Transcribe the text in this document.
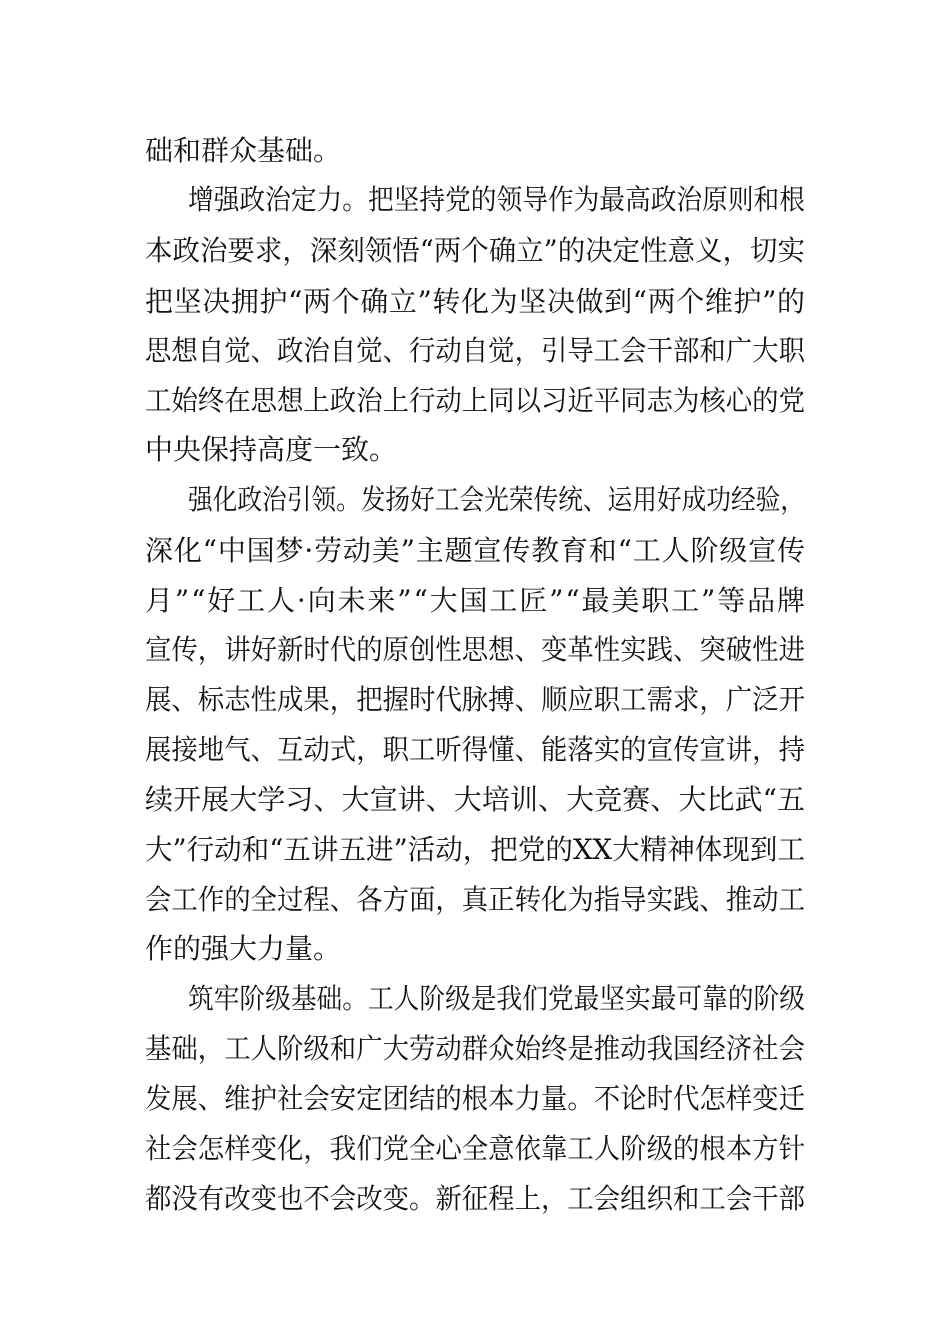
础和群众基础。
增强政治定力。把坚持党的领导作为最高政治原则和根
本政治要求，深刻领悟“两个确立”的决定性意义，切实
把坚决拥护“两个确立”转化为坚决做到“两个维护”的
思想自觉、政治自觉、行动自觉，引导工会干部和广大职
工始终在思想上政治上行动上同以习近平同志为核心的党
中央保持高度一致。
强化政治引领。发扬好工会光荣传统、运用好成功经验，
深化“中国梦·劳动美”主题宣传教育和“工人阶级宣传
月”“好工人·向未来”“大国工匠”“最美职工”等品牌
宣传，讲好新时代的原创性思想、变革性实践、突破性进
展、标志性成果，把握时代脉搏、顺应职工需求，广泛开
展接地气、互动式，职工听得懂、能落实的宣传宣讲，持
续开展大学习、大宣讲、大培训、大竞赛、大比武“五
大”行动和“五讲五进”活动，把党的XX大精神体现到工
会工作的全过程、各方面，真正转化为指导实践、推动工
作的强大力量。
筑牢阶级基础。工人阶级是我们党最坚实最可靠的阶级
基础，工人阶级和广大劳动群众始终是推动我国经济社会
发展、维护社会安定团结的根本力量。不论时代怎样变迁
社会怎样变化，我们党全心全意依靠工人阶级的根本方针
都没有改变也不会改变。新征程上，工会组织和工会干部
